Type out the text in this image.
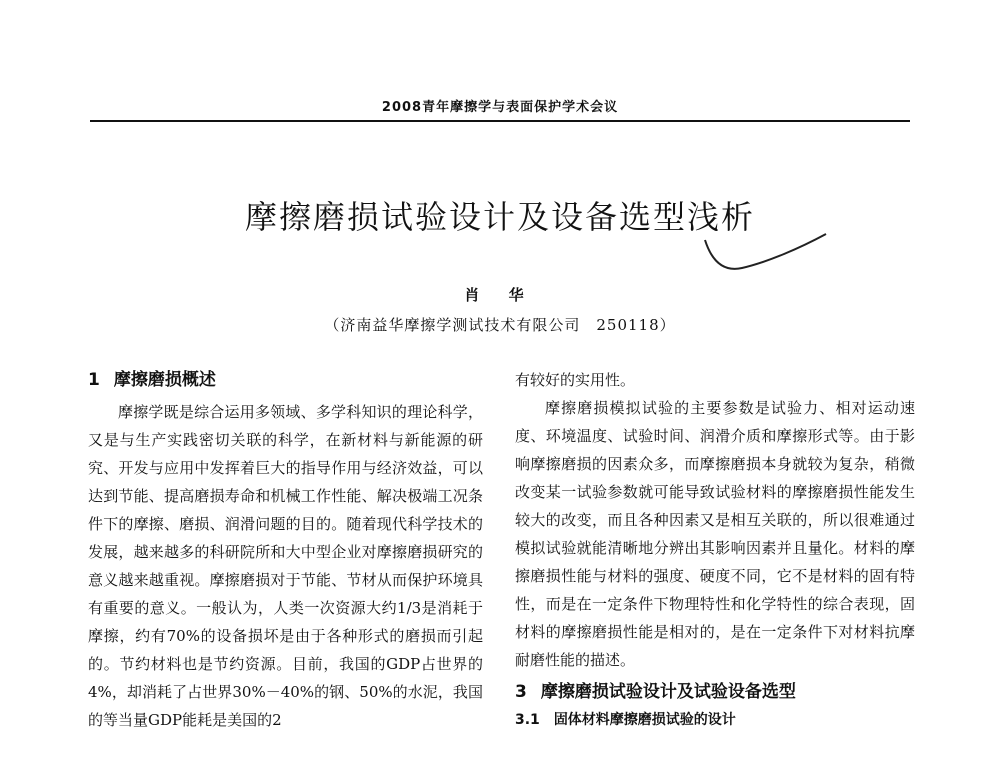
2008青年摩擦学与表面保护学术会议
摩擦磨损试验设计及设备选型浅析
肖 华
（济南益华摩擦学测试技术有限公司　250118）
1 摩擦磨损概述

摩擦学既是综合运用多领域、多学科知识的理论科学，又是与生产实践密切关联的科学，在新材料与新能源的研究、开发与应用中发挥着巨大的指导作用与经济效益，可以达到节能、提高磨损寿命和机械工作性能、解决极端工况条件下的摩擦、磨损、润滑问题的目的。随着现代科学技术的发展，越来越多的科研院所和大中型企业对摩擦磨损研究的意义越来越重视。摩擦磨损对于节能、节材从而保护环境具有重要的意义。一般认为，人类一次资源大约1/3是消耗于摩擦，约有70%的设备损坏是由于各种形式的磨损而引起的。节约材料也是节约资源。目前，我国的GDP占世界的4%，却消耗了占世界30%－40%的钢、50%的水泥，我国的等当量GDP能耗是美国的2

有较好的实用性。

摩擦磨损模拟试验的主要参数是试验力、相对运动速度、环境温度、试验时间、润滑介质和摩擦形式等。由于影响摩擦磨损的因素众多，而摩擦磨损本身就较为复杂，稍微改变某一试验参数就可能导致试验材料的摩擦磨损性能发生较大的改变，而且各种因素又是相互关联的，所以很难通过模拟试验就能清晰地分辨出其影响因素并且量化。材料的摩擦磨损性能与材料的强度、硬度不同，它不是材料的固有特性，而是在一定条件下物理特性和化学特性的综合表现，固材料的摩擦磨损性能是相对的，是在一定条件下对材料抗摩耐磨性能的描述。

3 摩擦磨损试验设计及试验设备选型
3.1 固体材料摩擦磨损试验的设计
